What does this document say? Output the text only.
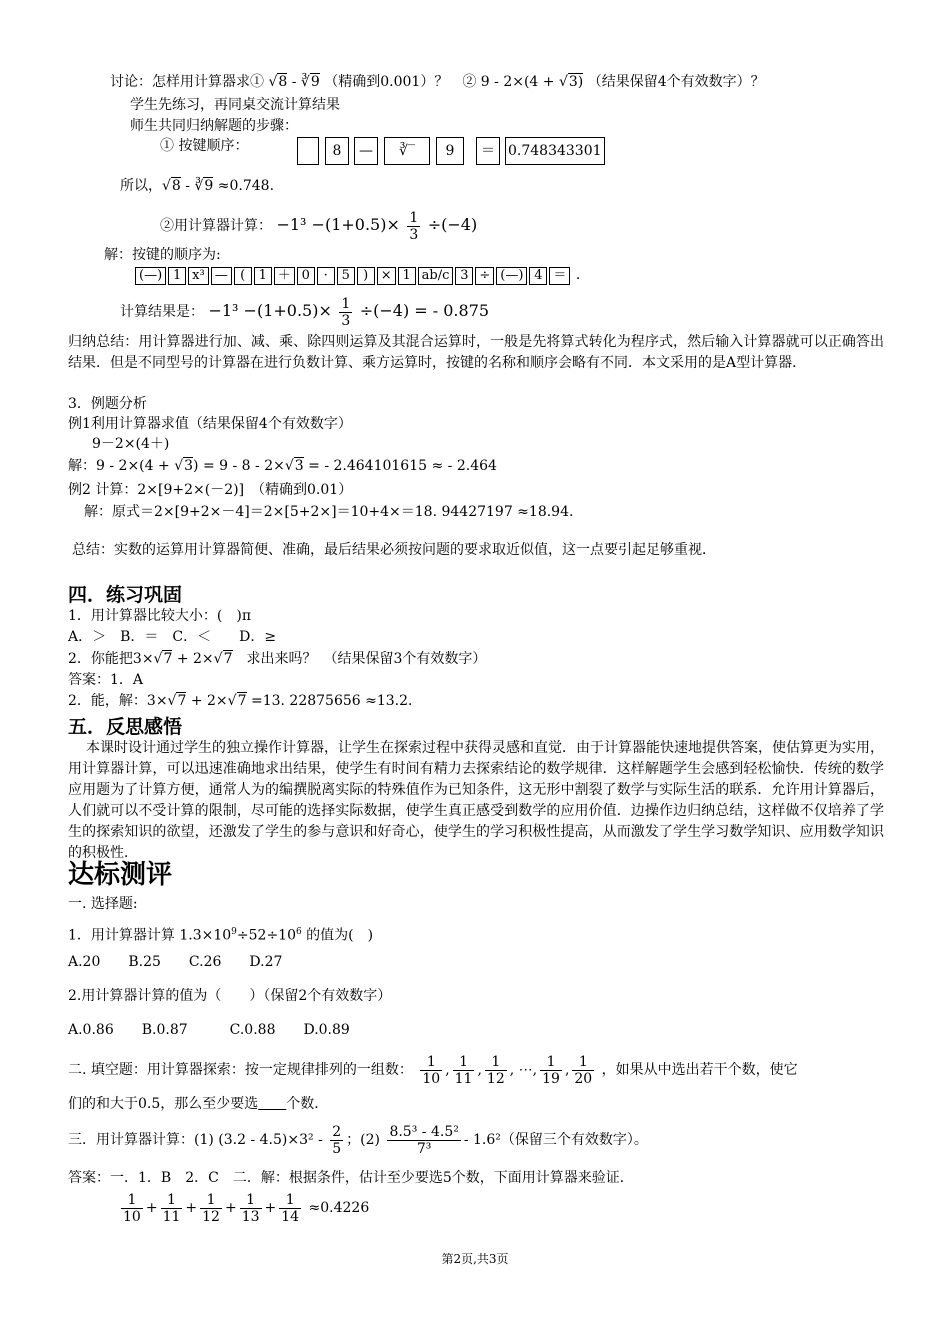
讨论：怎样用计算器求① √8 - ∛9 （精确到0.001）？　② 9 - 2×(4 + √3) （结果保留4个有效数字）？
学生先练习，再同桌交流计算结果
师生共同归纳解题的步骤：
① 按键顺序：	8	—	∛‾	9	＝ 0.748343301
所以，√8 - ∛9 ≈0.748.
②用计算器计算： $-1^3 -(1+0.5)\times \frac{1}{3} \div(-4)$
解：按键的顺序为:
(—) 1 x³ — ( 1 ＋ 0 · 5 ) × 1 ab/c 3 ÷ (—) 4 ＝ .
计算结果是： $-1^3 -(1+0.5)\times \frac{1}{3} \div(-4)$ = - 0.875
归纳总结：用计算器进行加、减、乘、除四则运算及其混合运算时，一般是先将算式转化为程序式，然后输入计算器就可以正确答出结果．但是不同型号的计算器在进行负数计算、乘方运算时，按键的名称和顺序会略有不同．本文采用的是A型计算器．
3．例题分析
例1利用计算器求值（结果保留4个有效数字）
9－2×(4＋)
解：9 - 2×(4 + √3) = 9 - 8 - 2×√3 = - 2.464101615 ≈ - 2.464
例2 计算：2×[9+2×(－2)]　（精确到0.01）
解：原式＝2×[9+2×－4]＝2×[5+2×]＝10+4×＝18. 94427197 ≈18.94.
总结：实数的运算用计算器简便、准确，最后结果必须按问题的要求取近似值，这一点要引起足够重视．
四．练习巩固
1．用计算器比较大小：(　)π
A．＞　B．＝　C．＜　　D．≥
2．你能把3×√7 + 2×√7　求出来吗？　（结果保留3个有效数字）
答案：1．A
2．能，解：3×√7 + 2×√7 =13. 22875656 ≈13.2．
五．反思感悟
本课时设计通过学生的独立操作计算器，让学生在探索过程中获得灵感和直觉．由于计算器能快速地提供答案，使估算更为实用，用计算器计算，可以迅速准确地求出结果，使学生有时间有精力去探索结论的数学规律．这样解题学生会感到轻松愉快．传统的数学应用题为了计算方便，通常人为的编撰脱离实际的特殊值作为已知条件，这无形中割裂了数学与实际生活的联系．允许用计算器后，人们就可以不受计算的限制，尽可能的选择实际数据，使学生真正感受到数学的应用价值．边操作边归纳总结，这样做不仅培养了学生的探索知识的欲望，还激发了学生的参与意识和好奇心，使学生的学习积极性提高，从而激发了学生学习数学知识、应用数学知识的积极性．
达标测评
一. 选择题:
1．用计算器计算 $1.3\times 10^9\div 52\div 10^6$ 的值为(　)
A.20　　B.25　　C.26　　D.27
2.用计算器计算的值为（　　）（保留2个有效数字）
A.0.86　　B.0.87　　　C.0.88　　D.0.89
二. 填空题：用计算器探索：按一定规律排列的一组数： $\frac{1}{10}$ , $\frac{1}{11}$ , $\frac{1}{12}$ , ⋯, $\frac{1}{19}$ , $\frac{1}{20}$ ，如果从中选出若干个数，使它
们的和大于0.5，那么至少要选　　 个数．
三．用计算器计算：(1) $(3.2 - 4.5)\times 3^2 - \frac{2}{5}$ ；$(2) \frac{\text{8.5³ - 4.5²}}{\text{7³}} - 1.6^2$（保留三个有效数字）。
答案：一．1．B　2．C　二．解：根据条件，估计至少要选5个数，下面用计算器来验证．
$\frac{1}{10} + \frac{1}{11} + \frac{1}{12} + \frac{1}{13} + \frac{1}{14} \approx 0.4226$
第2页,共3页
